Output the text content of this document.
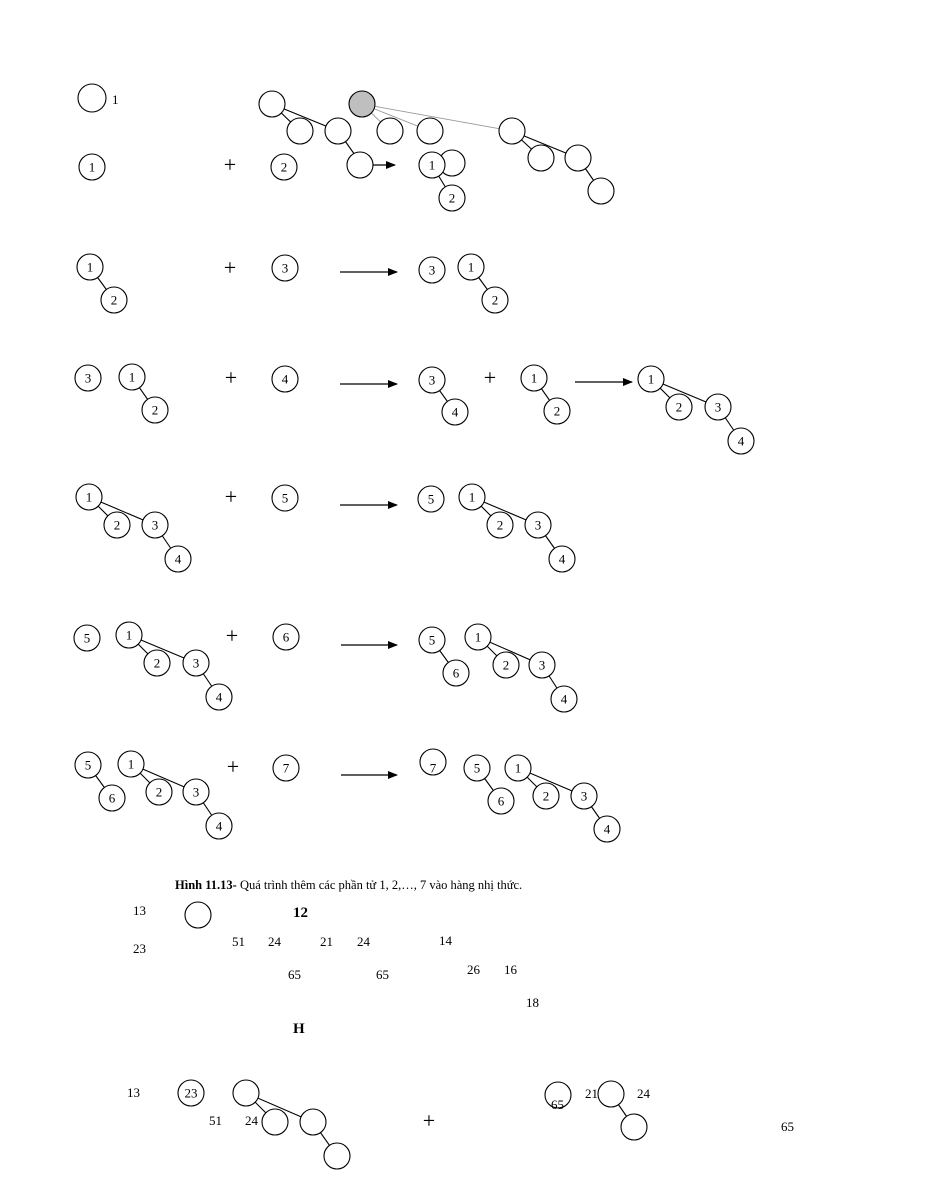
1
1	2	1
2
1
2
3	3	1
2
3	1
2
4	3
4
1
2
1
2	3
4
1
2 3
4
5	5	1
2 3
4
5	1
2	3
4
6	5
6
1
2 3
4
5
6
1
2 3
4
7	7	5
6
1
2 3
4
23
+
+
+	+
+
+
+
+
Hình 11.13- Quá trình thêm các phần tử 1, 2,…, 7 vào hàng nhị thức.
13	12
23	51 24	21 24	14
65	65	26 16
18
H
13
51 24
65
21	24
65
